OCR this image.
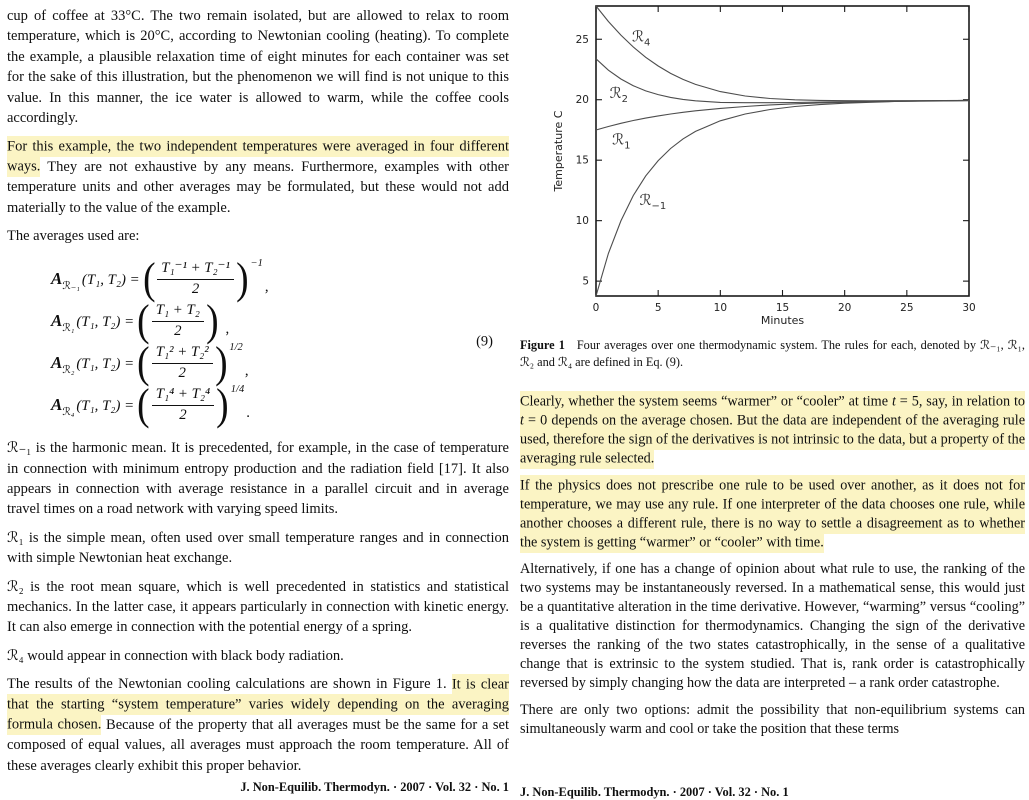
cup of coffee at 33°C. The two remain isolated, but are allowed to relax to room temperature, which is 20°C, according to Newtonian cooling (heating). To complete the example, a plausible relaxation time of eight minutes for each container was set for the sake of this illustration, but the phenomenon we will find is not unique to this value. In this manner, the ice water is allowed to warm, while the coffee cools accordingly.

For this example, the two independent temperatures were averaged in four different ways. They are not exhaustive by any means. Furthermore, examples with other temperature units and other averages may be formulated, but these would not add materially to the value of the example.

The averages used are:

Aℛ₋₁ (T₁, T₂) = ( $\frac{\text{T₁⁻¹ + T₂⁻¹}}{2}$ ) −1
,
Aℛ₁ (T₁, T₂) = ( $\frac{\text{T₁ + T₂}}{2}$ ) ,
Aℛ₂ (T₁, T₂) = ( $\frac{\text{T₁² + T₂²}}{2}$ ) 1/2
,
Aℛ₄ (T₁, T₂) = ( $\frac{\text{T₁⁴ + T₂⁴}}{2}$ ) 1/4
.
(9)

ℛ₋₁ is the harmonic mean. It is precedented, for example, in the case of temperature in connection with minimum entropy production and the radiation field [17]. It also appears in connection with average resistance in a parallel circuit and in average travel times on a road network with varying speed limits.

ℛ₁ is the simple mean, often used over small temperature ranges and in connection with simple Newtonian heat exchange.

ℛ₂ is the root mean square, which is well precedented in statistics and statistical mechanics. In the latter case, it appears particularly in connection with kinetic energy. It can also emerge in connection with the potential energy of a spring.

ℛ₄ would appear in connection with black body radiation.

The results of the Newtonian cooling calculations are shown in Figure 1. It is clear that the starting “system temperature” varies widely depending on the averaging formula chosen. Because of the property that all averages must be the same for a set composed of equal values, all averages must approach the room temperature. All of these averages clearly exhibit this proper behavior.

0	5	10	15	20	25	30
5
10
15
20
25	ℛ$_4$
ℛ$_2$
ℛ$_1$
ℛ$_{-1}$
Minutes
Temperature C

Figure 1 Four averages over one thermodynamic system. The rules for each, denoted by ℛ₋₁, ℛ₁, ℛ₂ and ℛ₄ are defined in Eq. (9).

Clearly, whether the system seems “warmer” or “cooler” at time t = 5, say, in relation to t = 0 depends on the average chosen. But the data are independent of the averaging rule used, therefore the sign of the derivatives is not intrinsic to the data, but a property of the averaging rule selected.

If the physics does not prescribe one rule to be used over another, as it does not for temperature, we may use any rule. If one interpreter of the data chooses one rule, while another chooses a different rule, there is no way to settle a disagreement as to whether the system is getting “warmer” or “cooler” with time.

Alternatively, if one has a change of opinion about what rule to use, the ranking of the two systems may be instantaneously reversed. In a mathematical sense, this would just be a quantitative alteration in the time derivative. However, “warming” versus “cooling” is a qualitative distinction for thermodynamics. Changing the sign of the derivative reverses the ranking of the two states catastrophically, in the sense of a qualitative change that is extrinsic to the system studied. That is, rank order is catastrophically reversed by simply changing how the data are interpreted – a rank order catastrophe.

There are only two options: admit the possibility that non-equilibrium systems can simultaneously warm and cool or take the position that these terms

J. Non-Equilib. Thermodyn. · 2007 · Vol. 32 · No. 1 J. Non-Equilib. Thermodyn. · 2007 · Vol. 32 · No. 1
